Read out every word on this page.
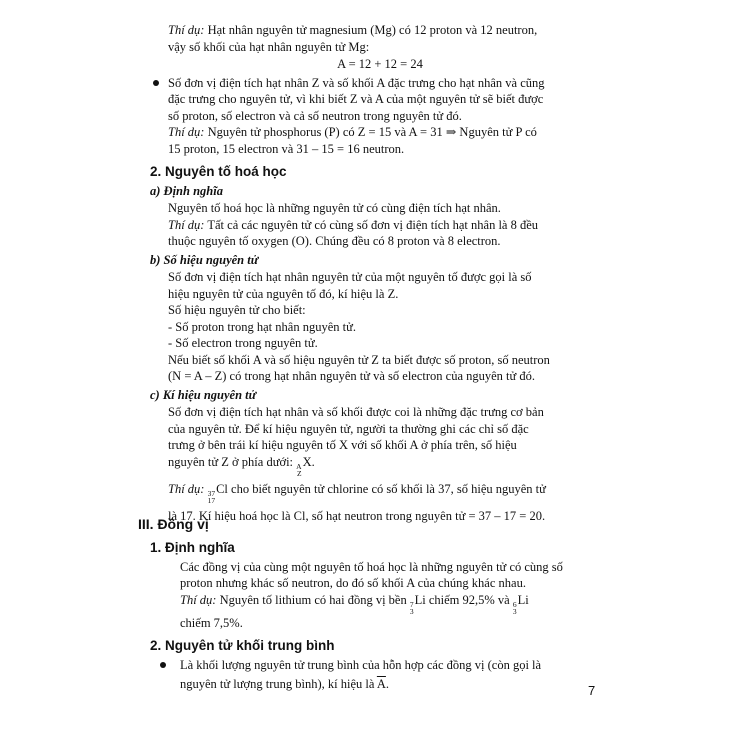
Thí dụ: Hạt nhân nguyên tử magnesium (Mg) có 12 proton và 12 neutron,
vậy số khối của hạt nhân nguyên tử Mg:
A = 12 + 12 = 24
Số đơn vị điện tích hạt nhân Z và số khối A đặc trưng cho hạt nhân và cũng
đặc trưng cho nguyên tử, vì khi biết Z và A của một nguyên tử sẽ biết được
số proton, số electron và cả số neutron trong nguyên tử đó.
Thí dụ: Nguyên tử phosphorus (P) có Z = 15 và A = 31 ⇒ Nguyên tử P có
15 proton, 15 electron và 31 – 15 = 16 neutron.
2. Nguyên tố hoá học
a) Định nghĩa
Nguyên tố hoá học là những nguyên tử có cùng điện tích hạt nhân.
Thí dụ: Tất cả các nguyên tử có cùng số đơn vị điện tích hạt nhân là 8 đều
thuộc nguyên tố oxygen (O). Chúng đều có 8 proton và 8 electron.
b) Số hiệu nguyên tử
Số đơn vị điện tích hạt nhân nguyên tử của một nguyên tố được gọi là số
hiệu nguyên tử của nguyên tố đó, kí hiệu là Z.
Số hiệu nguyên tử cho biết:
- Số proton trong hạt nhân nguyên tử.
- Số electron trong nguyên tử.
Nếu biết số khối A và số hiệu nguyên tử Z ta biết được số proton, số neutron
(N = A – Z) có trong hạt nhân nguyên tử và số electron của nguyên tử đó.
c) Kí hiệu nguyên tử
Số đơn vị điện tích hạt nhân và số khối được coi là những đặc trưng cơ bản
của nguyên tử. Để kí hiệu nguyên tử, người ta thường ghi các chỉ số đặc
trưng ở bên trái kí hiệu nguyên tố X với số khối A ở phía trên, số hiệu
nguyên tử Z ở phía dưới: A
Z
X.
Thí dụ: 37
17
Cl cho biết nguyên tử chlorine có số khối là 37, số hiệu nguyên tử
là 17. Kí hiệu hoá học là Cl, số hạt neutron trong nguyên tử = 37 – 17 = 20.
III. Đồng vị
1. Định nghĩa
Các đồng vị của cùng một nguyên tố hoá học là những nguyên tử có cùng số
proton nhưng khác số neutron, do đó số khối A của chúng khác nhau.
Thí dụ: Nguyên tố lithium có hai đồng vị bền 7
3
Li chiếm 92,5% và 6
3
Li
chiếm 7,5%.
2. Nguyên tử khối trung bình
Là khối lượng nguyên tử trung bình của hỗn hợp các đồng vị (còn gọi là
nguyên tử lượng trung bình), kí hiệu là $\overline{A}$.	7
